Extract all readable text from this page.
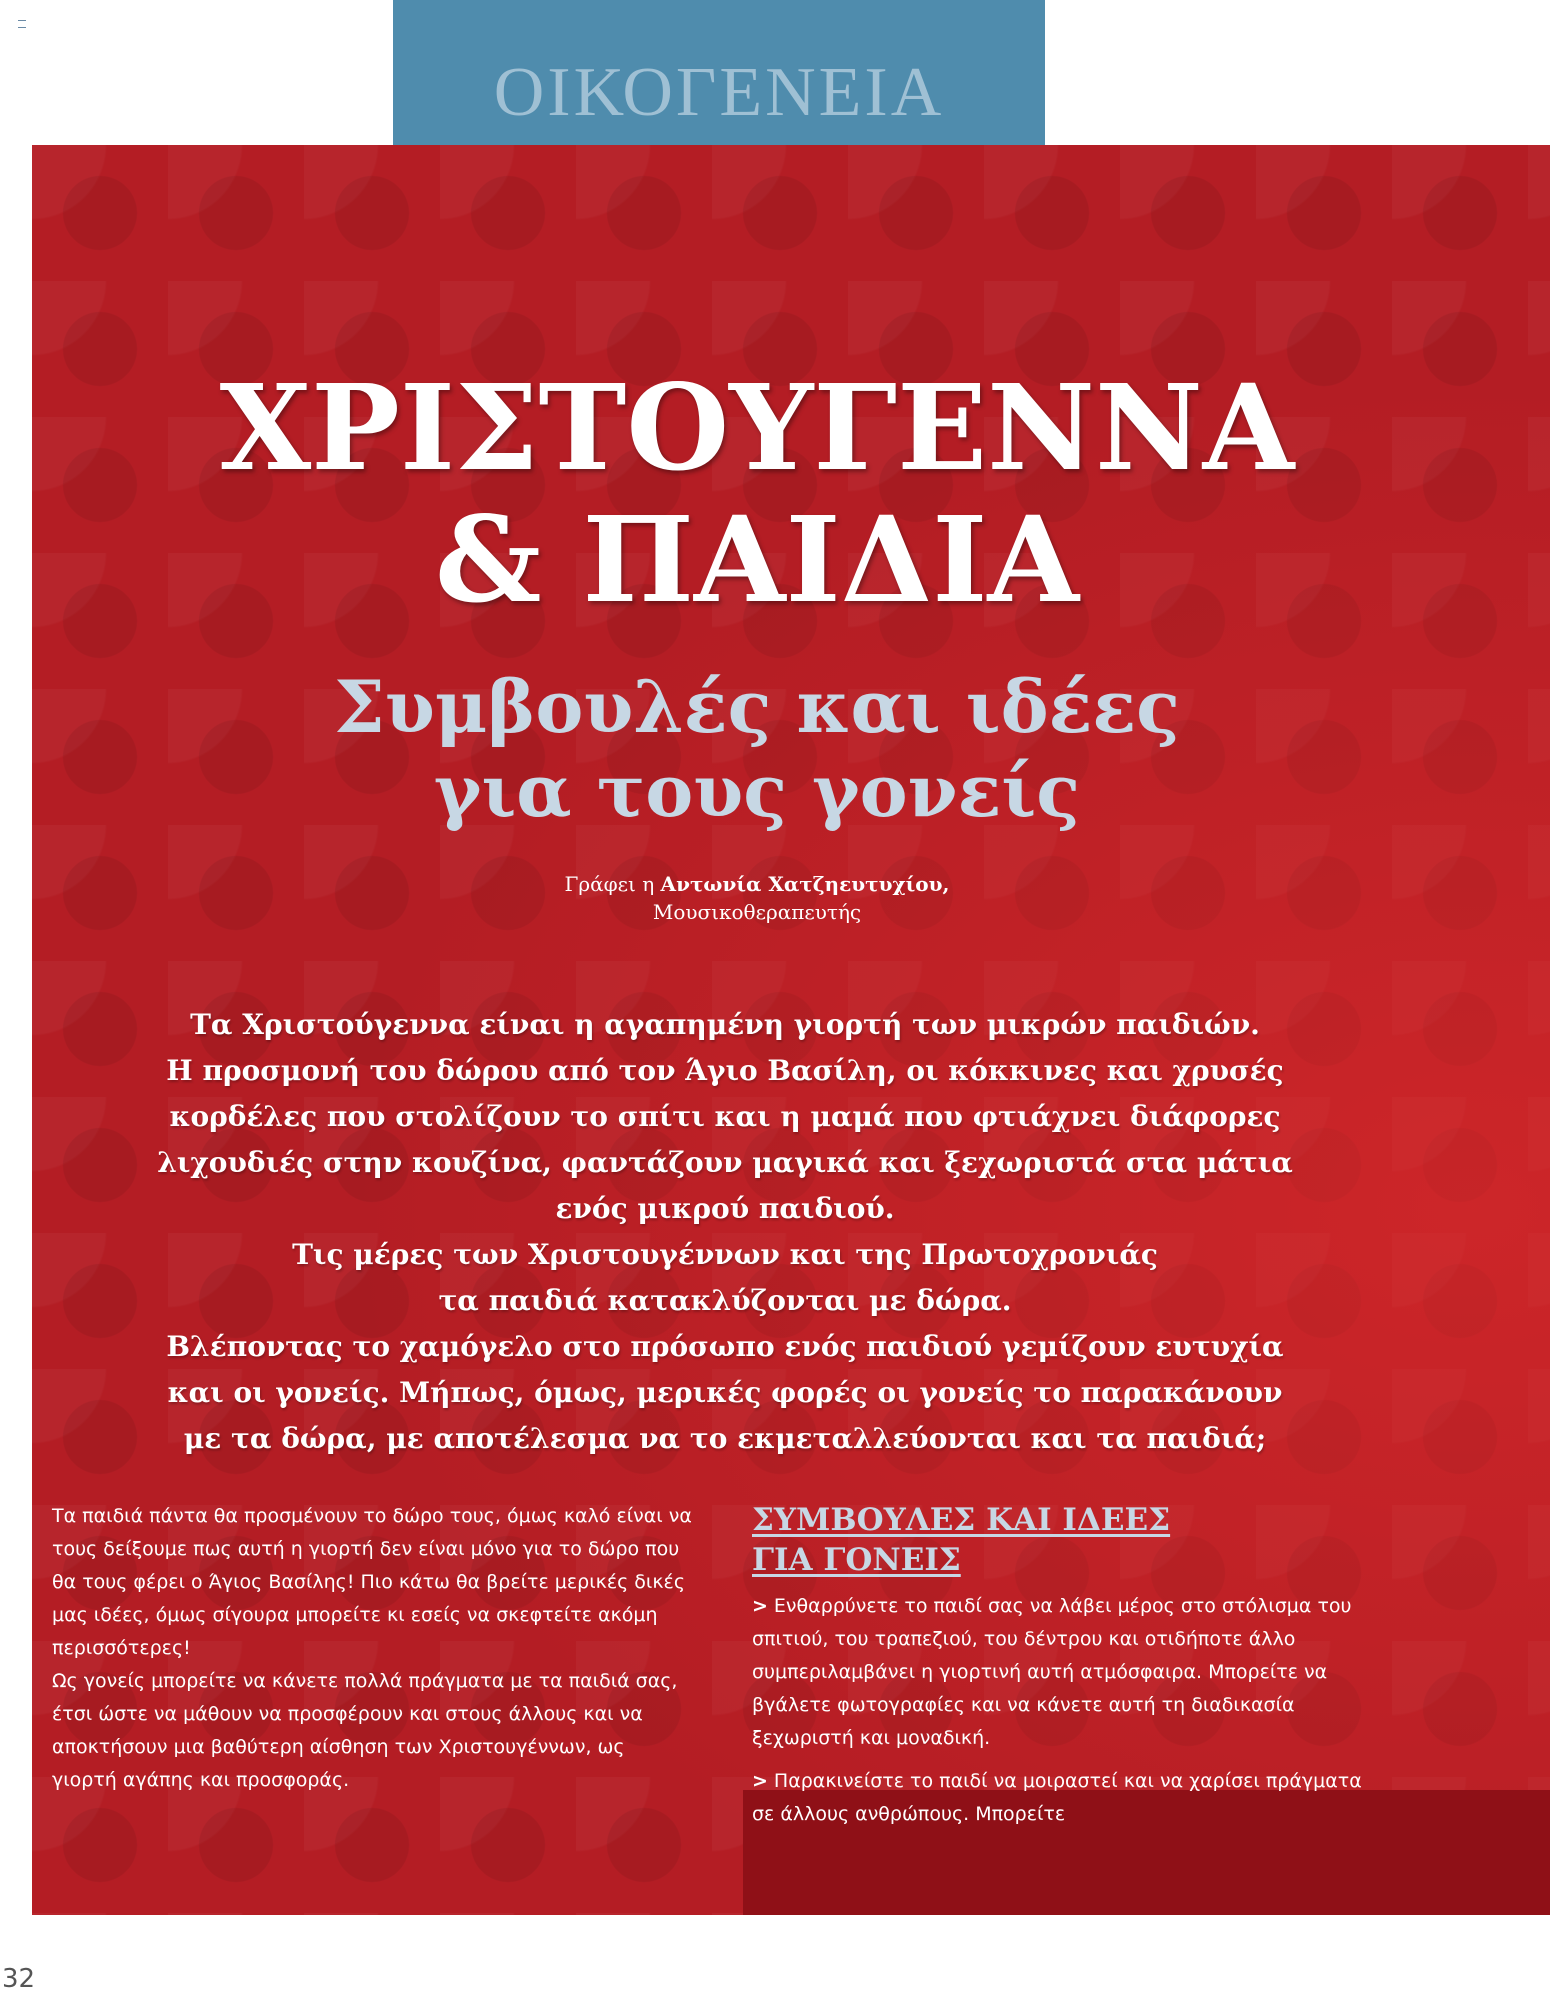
ΟΙΚΟΓΕΝΕΙΑ
ΧΡΙΣΤΟΥΓΕΝΝΑ
& ΠΑΙΔΙΑ
Συμβουλές και ιδέες
για τους γονείς
Γράφει η Αντωνία Χατζηευτυχίου,
Μουσικοθεραπευτής

Τα Χριστούγεννα είναι η αγαπημένη γιορτή των μικρών παιδιών.
Η προσμονή του δώρου από τον Άγιο Βασίλη, οι κόκκινες και χρυσές
κορδέλες που στολίζουν το σπίτι και η μαμά που φτιάχνει διάφορες
λιχουδιές στην κουζίνα, φαντάζουν μαγικά και ξεχωριστά στα μάτια
ενός μικρού παιδιού.
Τις μέρες των Χριστουγέννων και της Πρωτοχρονιάς
τα παιδιά κατακλύζονται με δώρα.
Βλέποντας το χαμόγελο στο πρόσωπο ενός παιδιού γεμίζουν ευτυχία
και οι γονείς. Μήπως, όμως, μερικές φορές οι γονείς το παρακάνουν
με τα δώρα, με αποτέλεσμα να το εκμεταλλεύονται και τα παιδιά;

Τα παιδιά πάντα θα προσμένουν το δώρο τους, όμως καλό είναι να τους δείξουμε πως αυτή η γιορτή δεν είναι μόνο για το δώρο που θα τους φέρει ο Άγιος Βασίλης! Πιο κάτω θα βρείτε μερικές δικές μας ιδέες, όμως σίγουρα μπορείτε κι εσείς να σκεφτείτε ακόμη περισσότερες!

Ως γονείς μπορείτε να κάνετε πολλά πράγματα με τα παιδιά σας, έτσι ώστε να μάθουν να προσφέρουν και στους άλλους και να αποκτήσουν μια βαθύτερη αίσθηση των Χριστουγέννων, ως γιορτή αγάπης και προσφοράς.

ΣΥΜΒΟΥΛΕΣ ΚΑΙ ΙΔΕΕΣ
ΓΙΑ ΓΟΝΕΙΣ

> Ενθαρρύνετε το παιδί σας να λάβει μέρος στο στόλισμα του σπιτιού, του τραπεζιού, του δέντρου και οτιδήποτε άλλο συμπεριλαμβάνει η γιορτινή αυτή ατμόσφαιρα. Μπορείτε να βγάλετε φωτογραφίες και να κάνετε αυτή τη διαδικασία ξεχωριστή και μοναδική.

> Παρακινείστε το παιδί να μοιραστεί και να χαρίσει πράγματα σε άλλους ανθρώπους. Μπορείτε

32
